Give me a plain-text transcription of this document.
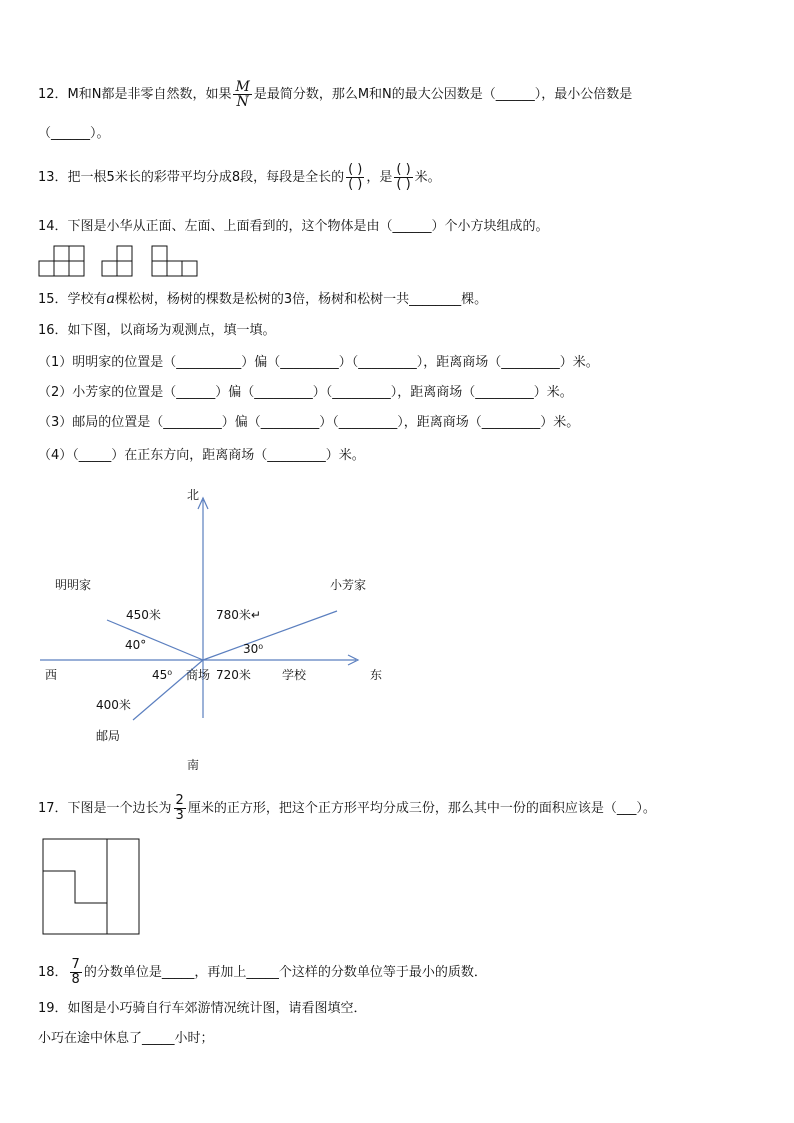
12．M和N都是非零自然数，如果 $\frac{M}{N}$ 是最简分数，那么M和N的最大公因数是（______），最小公倍数是
（______）。
13．把一根5米长的彩带平均分成8段，每段是全长的 $\frac{( )}{( )}$ ，是 $\frac{( )}{( )}$ 米。
14．下图是小华从正面、左面、上面看到的，这个物体是由（______）个小方块组成的。
15．学校有a棵松树，杨树的棵数是松树的3倍，杨树和松树一共________棵。
16．如下图，以商场为观测点，填一填。
（1）明明家的位置是（__________）偏（_________）（_________），距离商场（_________）米。
（2）小芳家的位置是（______）偏（_________）（_________），距离商场（_________）米。
（3）邮局的位置是（_________）偏（_________）（_________），距离商场（_________）米。
（4）（_____）在正东方向，距离商场（_________）米。
北
南
东
西	商场
明明家	小芳家
学校
邮局
450米	780米↵
720米
400米
40°	30⁰
45⁰
17．下图是一个边长为 $\frac{2}{3}$ 厘米的正方形，把这个正方形平均分成三份，那么其中一份的面积应该是（___）。
18． $\frac{7}{8}$ 的分数单位是_____，再加上_____个这样的分数单位等于最小的质数．
19．如图是小巧骑自行车郊游情况统计图，请看图填空．
小巧在途中休息了_____小时；
